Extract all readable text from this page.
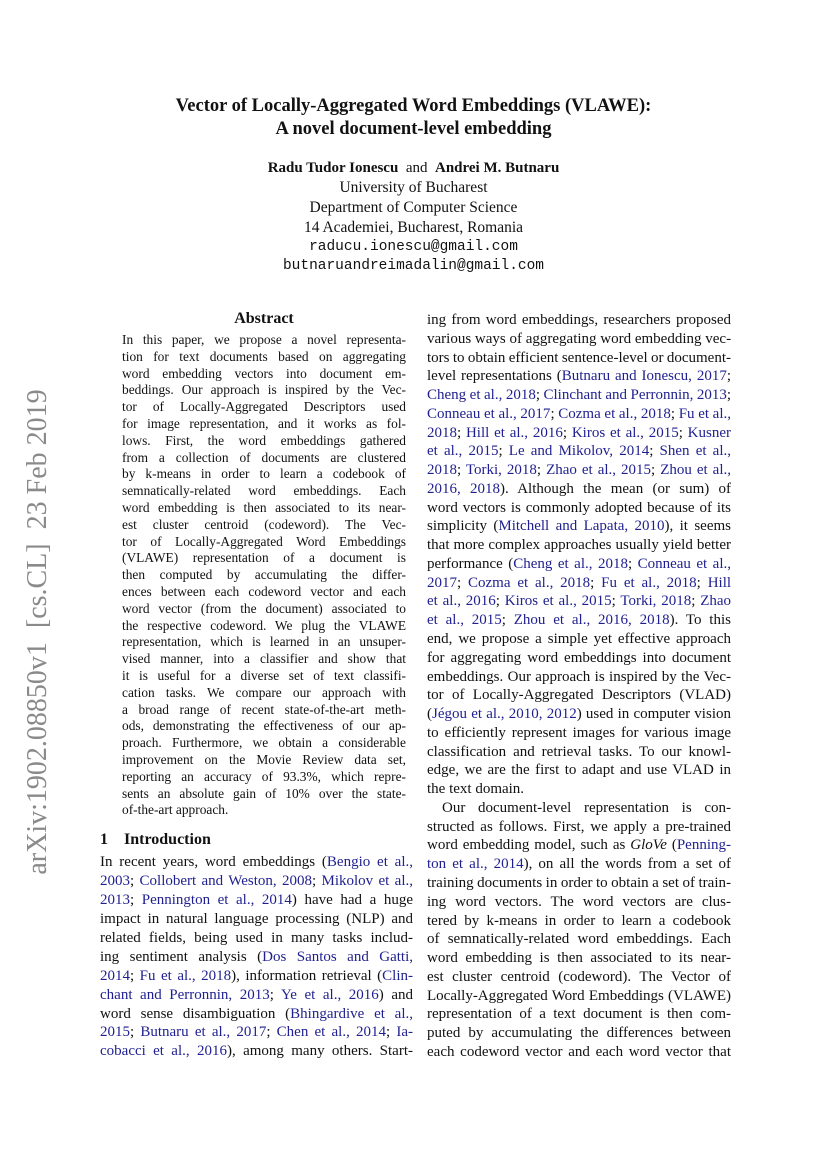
arXiv:1902.08850v1  [cs.CL]  23 Feb 2019
Vector of Locally-Aggregated Word Embeddings (VLAWE):
A novel document-level embedding
Radu Tudor Ionescu and Andrei M. Butnaru
University of Bucharest
Department of Computer Science
14 Academiei, Bucharest, Romania
raducu.ionescu@gmail.com
butnaruandreimadalin@gmail.com
Abstract
In this paper, we propose a novel representa-
tion for text documents based on aggregating
word embedding vectors into document em-
beddings. Our approach is inspired by the Vec-
tor of Locally-Aggregated Descriptors used
for image representation, and it works as fol-
lows. First, the word embeddings gathered
from a collection of documents are clustered
by k-means in order to learn a codebook of
semnatically-related word embeddings. Each
word embedding is then associated to its near-
est cluster centroid (codeword). The Vec-
tor of Locally-Aggregated Word Embeddings
(VLAWE) representation of a document is
then computed by accumulating the differ-
ences between each codeword vector and each
word vector (from the document) associated to
the respective codeword. We plug the VLAWE
representation, which is learned in an unsuper-
vised manner, into a classifier and show that
it is useful for a diverse set of text classifi-
cation tasks. We compare our approach with
a broad range of recent state-of-the-art meth-
ods, demonstrating the effectiveness of our ap-
proach. Furthermore, we obtain a considerable
improvement on the Movie Review data set,
reporting an accuracy of 93.3%, which repre-
sents an absolute gain of 10% over the state-
of-the-art approach.
1 Introduction
In recent years, word embeddings (Bengio et al.,
2003; Collobert and Weston, 2008; Mikolov et al.,
2013; Pennington et al., 2014) have had a huge
impact in natural language processing (NLP) and
related fields, being used in many tasks includ-
ing sentiment analysis (Dos Santos and Gatti,
2014; Fu et al., 2018), information retrieval (Clin-
chant and Perronnin, 2013; Ye et al., 2016) and
word sense disambiguation (Bhingardive et al.,
2015; Butnaru et al., 2017; Chen et al., 2014; Ia-
cobacci et al., 2016), among many others. Start-
ing from word embeddings, researchers proposed
various ways of aggregating word embedding vec-
tors to obtain efficient sentence-level or document-
level representations (Butnaru and Ionescu, 2017;
Cheng et al., 2018; Clinchant and Perronnin, 2013;
Conneau et al., 2017; Cozma et al., 2018; Fu et al.,
2018; Hill et al., 2016; Kiros et al., 2015; Kusner
et al., 2015; Le and Mikolov, 2014; Shen et al.,
2018; Torki, 2018; Zhao et al., 2015; Zhou et al.,
2016, 2018). Although the mean (or sum) of
word vectors is commonly adopted because of its
simplicity (Mitchell and Lapata, 2010), it seems
that more complex approaches usually yield better
performance (Cheng et al., 2018; Conneau et al.,
2017; Cozma et al., 2018; Fu et al., 2018; Hill
et al., 2016; Kiros et al., 2015; Torki, 2018; Zhao
et al., 2015; Zhou et al., 2016, 2018). To this
end, we propose a simple yet effective approach
for aggregating word embeddings into document
embeddings. Our approach is inspired by the Vec-
tor of Locally-Aggregated Descriptors (VLAD)
(Jégou et al., 2010, 2012) used in computer vision
to efficiently represent images for various image
classification and retrieval tasks. To our knowl-
edge, we are the first to adapt and use VLAD in
the text domain.
Our document-level representation is con-
structed as follows. First, we apply a pre-trained
word embedding model, such as GloVe (Penning-
ton et al., 2014), on all the words from a set of
training documents in order to obtain a set of train-
ing word vectors. The word vectors are clus-
tered by k-means in order to learn a codebook
of semnatically-related word embeddings. Each
word embedding is then associated to its near-
est cluster centroid (codeword). The Vector of
Locally-Aggregated Word Embeddings (VLAWE)
representation of a text document is then com-
puted by accumulating the differences between
each codeword vector and each word vector that
